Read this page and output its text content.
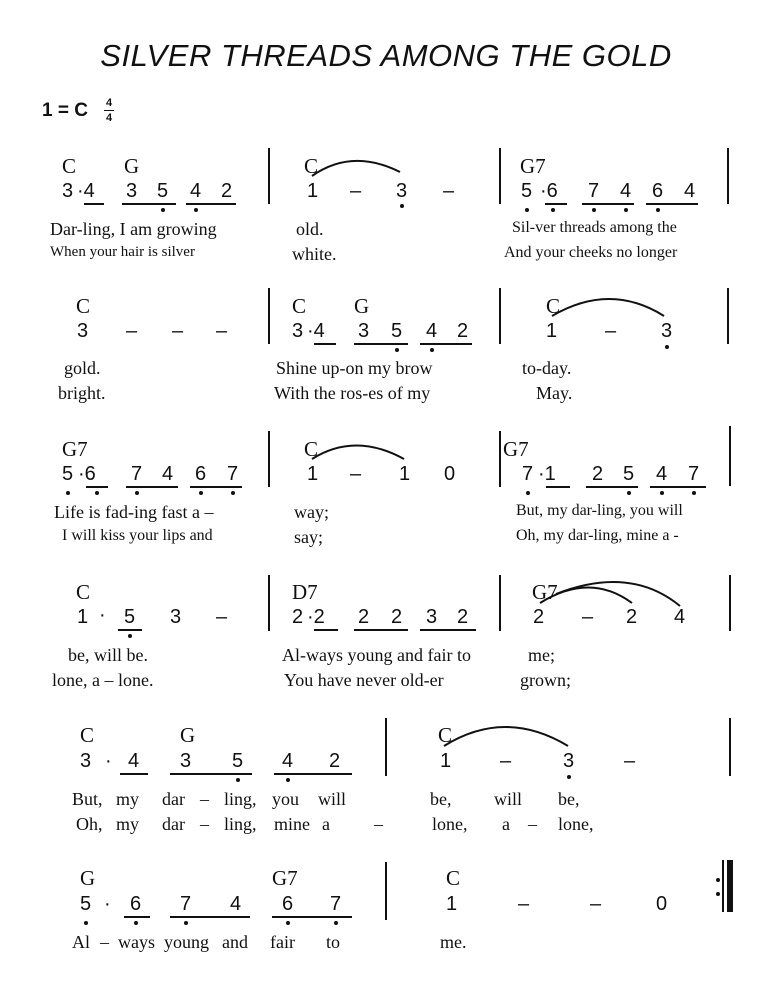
SILVER THREADS AMONG THE GOLD
1 = C 4
4
C G
3 ·4 3 5 4 2
Dar-ling, I am growing
When your hair is silver
C
1 – 3 –
old.
white.
G7
5 ·6 7 4 6 4
Sil-ver threads among the
And your cheeks no longer
C
3 – – –
gold.
bright.
C G
3 ·4 3 5 4 2
Shine up-on my brow
With the ros-es of my
C
1 – 3
to-day.
May.
G7
5 ·6 7 4 6 7
Life is fad-ing fast a –
I will kiss your lips and
C
1 – 1 0
way;
say;
G7
7 ·1 2 5 4 7
But, my dar-ling, you will
Oh, my dar-ling, mine a -
C
1 · 5 3 –
be, will be.
lone, a – lone.
D7
2 ·2 2 2 3 2
Al-ways young and fair to
You have never old-er
G7
2 – 2 4
me;
grown;
C	G
3 · 4 3 5 4 2
But, my dar – ling, you will
Oh, my dar – ling, mine a –
C
1 –	3 –
be, will be,
lone, a – lone,
G	G7
5 · 6 7 4 6 7
Al – ways young and fair to
C
1	–	–	0
me.
